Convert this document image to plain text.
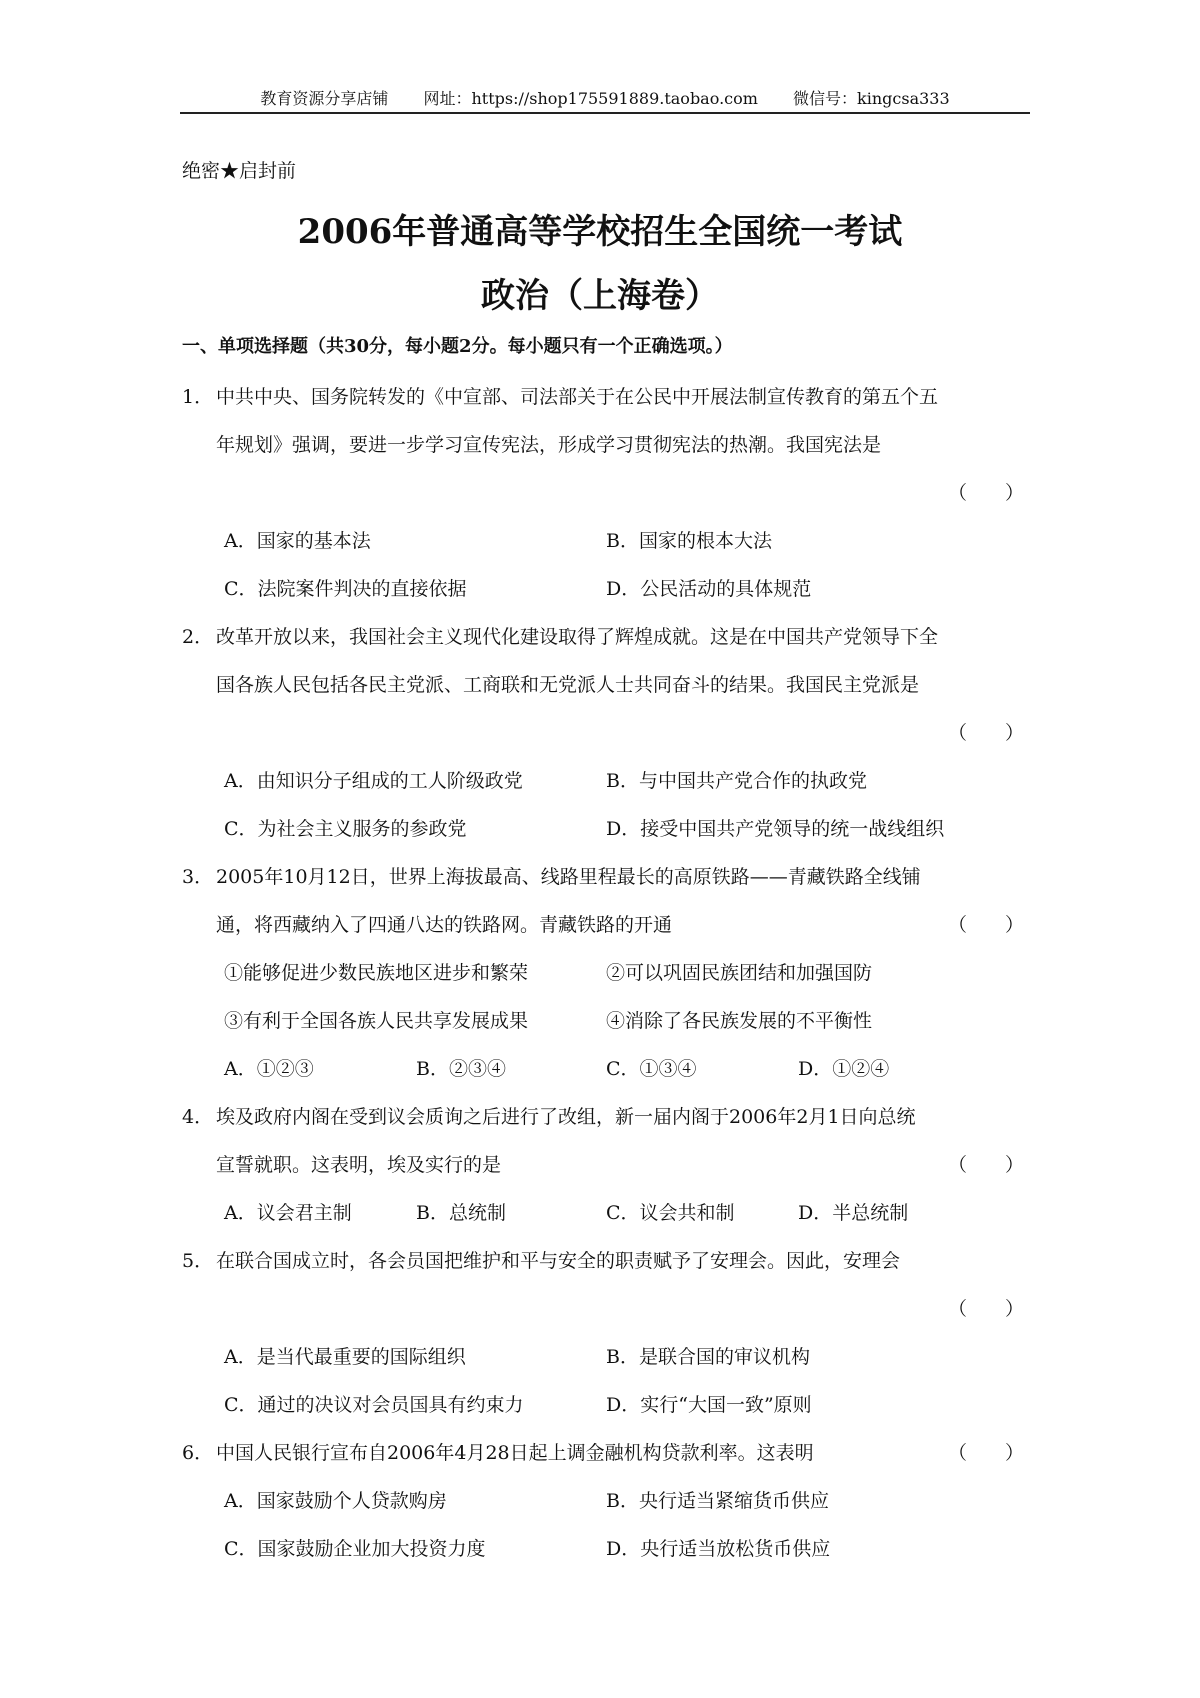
教育资源分享店铺 网址：https://shop175591889.taobao.com 微信号：kingcsa333
绝密★启封前
2006年普通高等学校招生全国统一考试
政治（上海卷）
一、单项选择题（共30分，每小题2分。每小题只有一个正确选项。）
1． 中共中央、国务院转发的《中宣部、司法部关于在公民中开展法制宣传教育的第五个五
年规划》强调，要进一步学习宣传宪法，形成学习贯彻宪法的热潮。我国宪法是
（　　）
A．国家的基本法	B．国家的根本大法
C．法院案件判决的直接依据	D．公民活动的具体规范
2． 改革开放以来，我国社会主义现代化建设取得了辉煌成就。这是在中国共产党领导下全
国各族人民包括各民主党派、工商联和无党派人士共同奋斗的结果。我国民主党派是
（　　）
A．由知识分子组成的工人阶级政党	B．与中国共产党合作的执政党
C．为社会主义服务的参政党	D．接受中国共产党领导的统一战线组织
3． 2005年10月12日，世界上海拔最高、线路里程最长的高原铁路——青藏铁路全线铺
通，将西藏纳入了四通八达的铁路网。青藏铁路的开通	（　　）
①能够促进少数民族地区进步和繁荣	②可以巩固民族团结和加强国防
③有利于全国各族人民共享发展成果	④消除了各民族发展的不平衡性
A．①②③	B．②③④	C．①③④	D．①②④
4． 埃及政府内阁在受到议会质询之后进行了改组，新一届内阁于2006年2月1日向总统
宣誓就职。这表明，埃及实行的是	（　　）
A．议会君主制	B．总统制	C．议会共和制	D．半总统制
5． 在联合国成立时，各会员国把维护和平与安全的职责赋予了安理会。因此，安理会
（　　）
A．是当代最重要的国际组织	B．是联合国的审议机构
C．通过的决议对会员国具有约束力	D．实行“大国一致”原则
6． 中国人民银行宣布自2006年4月28日起上调金融机构贷款利率。这表明	（　　）
A．国家鼓励个人贷款购房	B．央行适当紧缩货币供应
C．国家鼓励企业加大投资力度	D．央行适当放松货币供应
